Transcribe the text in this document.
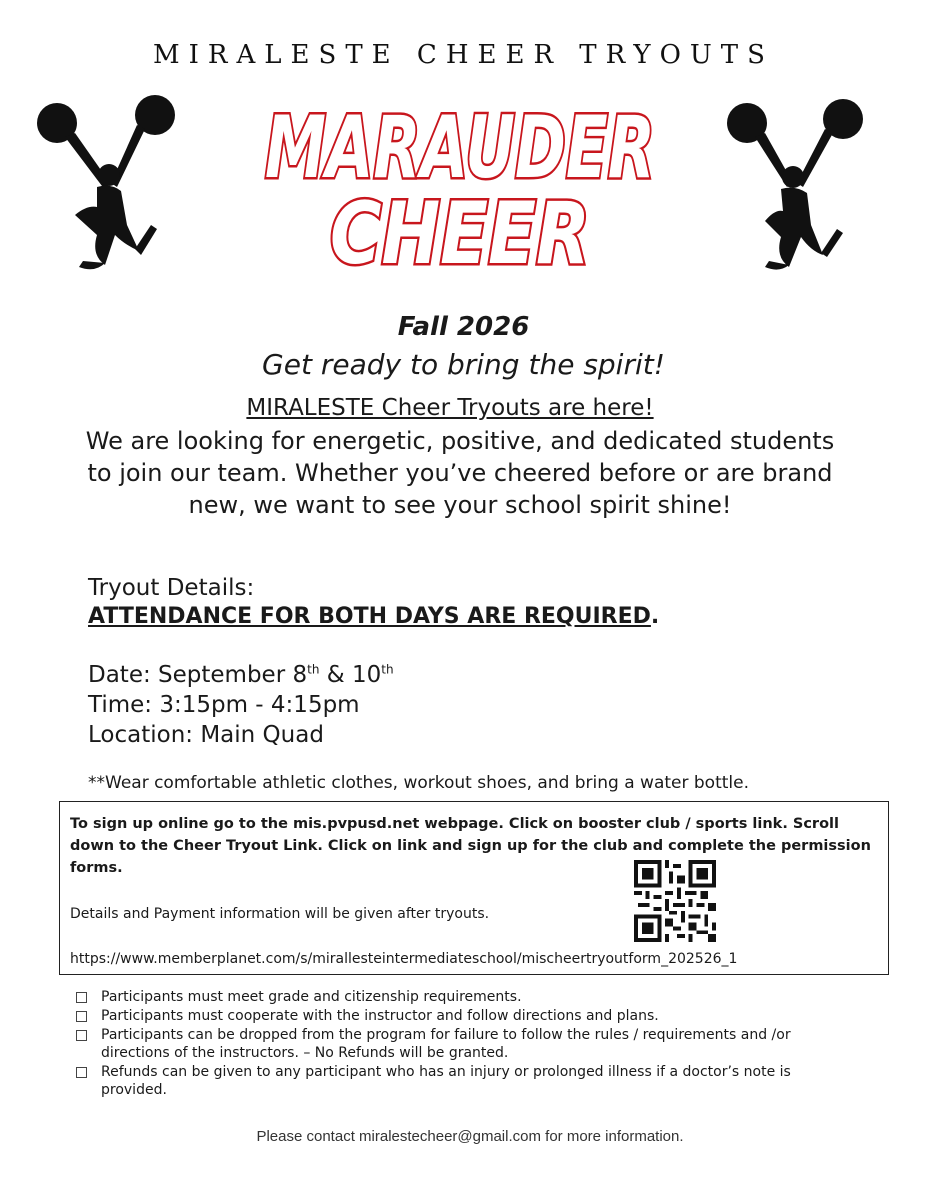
MIRALESTE CHEER TRYOUTS
MARAUDER
CHEER
Fall 2026
Get ready to bring the spirit!
MIRALESTE Cheer Tryouts are here!
We are looking for energetic, positive, and dedicated students to join our team. Whether you’ve cheered before or are brand new, we want to see your school spirit shine!
Tryout Details:
ATTENDANCE FOR BOTH DAYS ARE REQUIRED.
Date: September 8th & 10th
Time: 3:15pm - 4:15pm
Location: Main Quad
**Wear comfortable athletic clothes, workout shoes, and bring a water bottle.
To sign up online go to the mis.pvpusd.net webpage. Click on booster club / sports link. Scroll down to the Cheer Tryout Link. Click on link and sign up for the club and complete the permission forms.
Details and Payment information will be given after tryouts.
https://www.memberplanet.com/s/mirallesteintermediateschool/mischeertryoutform_202526_1
Participants must meet grade and citizenship requirements.
Participants must cooperate with the instructor and follow directions and plans.
Participants can be dropped from the program for failure to follow the rules / requirements and /or directions of the instructors. – No Refunds will be granted.
Refunds can be given to any participant who has an injury or prolonged illness if a doctor’s note is provided.
Please contact miralestecheer@gmail.com for more information.
